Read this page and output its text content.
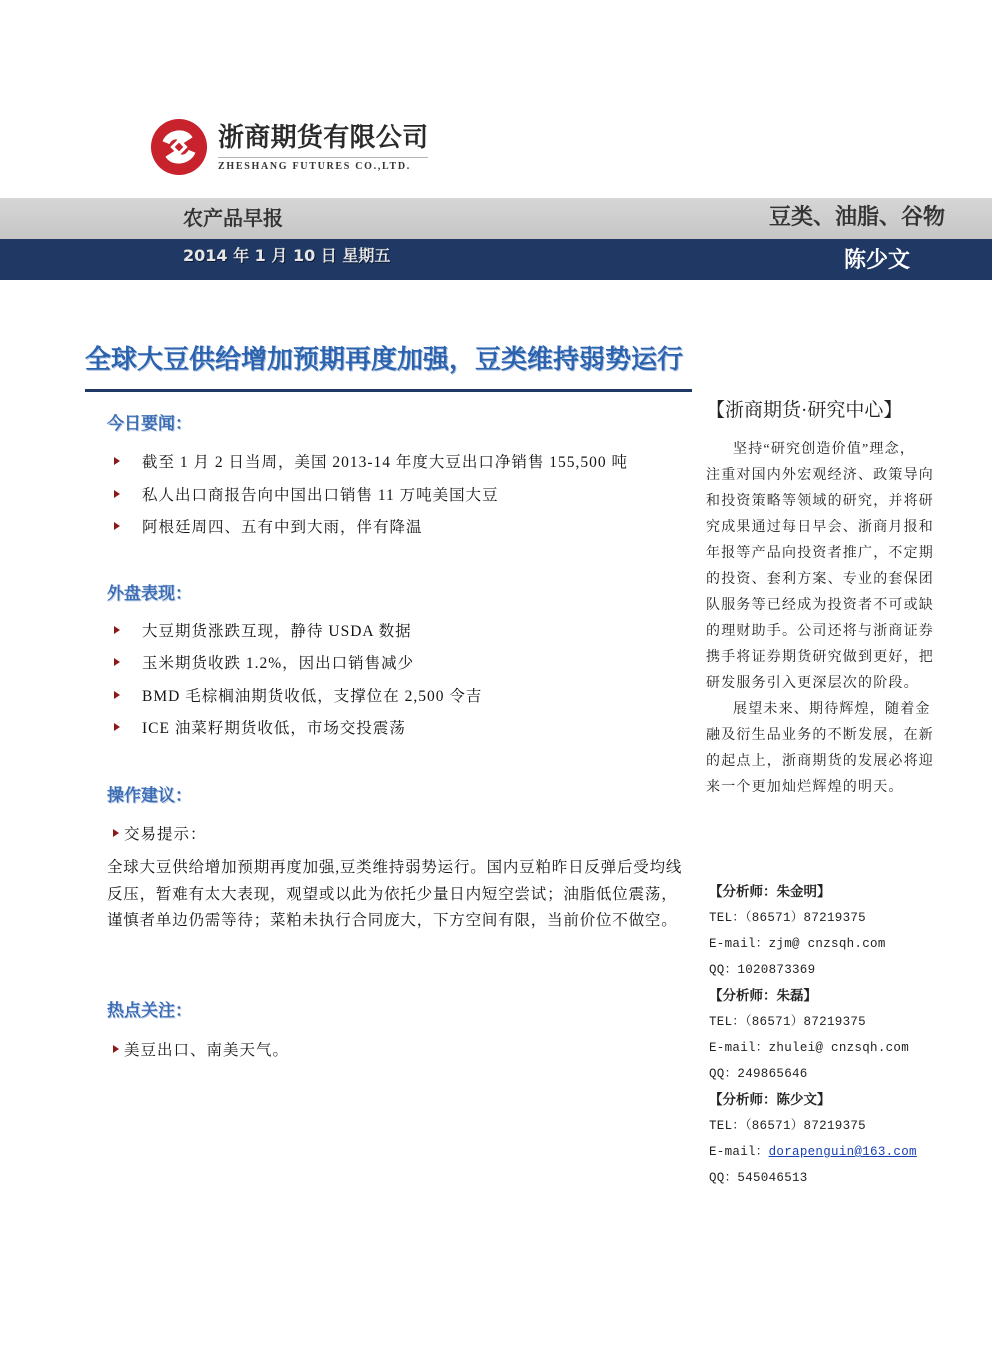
浙商期货有限公司
ZHESHANG FUTURES CO.,LTD.
农产品早报	豆类、油脂、谷物
2014 年 1 月 10 日 星期五	陈少文
全球大豆供给增加预期再度加强，豆类维持弱势运行
今日要闻：
截至 1 月 2 日当周，美国 2013-14 年度大豆出口净销售 155,500 吨
私人出口商报告向中国出口销售 11 万吨美国大豆
阿根廷周四、五有中到大雨，伴有降温
外盘表现：
大豆期货涨跌互现，静待 USDA 数据
玉米期货收跌 1.2%，因出口销售减少
BMD 毛棕榈油期货收低，支撑位在 2,500 令吉
ICE 油菜籽期货收低，市场交投震荡
操作建议：
交易提示：
全球大豆供给增加预期再度加强,豆类维持弱势运行。国内豆粕昨日反弹后受均线
反压，暂难有太大表现，观望或以此为依托少量日内短空尝试；油脂低位震荡，
谨慎者单边仍需等待；菜粕未执行合同庞大，下方空间有限，当前价位不做空。
热点关注：
美豆出口、南美天气。
【浙商期货·研究中心】
坚持“研究创造价值”理念，
注重对国内外宏观经济、政策导向
和投资策略等领域的研究，并将研
究成果通过每日早会、浙商月报和
年报等产品向投资者推广，不定期
的投资、套利方案、专业的套保团
队服务等已经成为投资者不可或缺
的理财助手。公司还将与浙商证券
携手将证券期货研究做到更好，把
研发服务引入更深层次的阶段。
展望未来、期待辉煌，随着金
融及衍生品业务的不断发展，在新
的起点上，浙商期货的发展必将迎
来一个更加灿烂辉煌的明天。
【分析师：朱金明】
TEL：（86571）87219375
E-mail：zjm@ cnzsqh.com
QQ：1020873369
【分析师：朱磊】
TEL：（86571）87219375
E-mail：zhulei@ cnzsqh.com
QQ：249865646
【分析师：陈少文】
TEL：（86571）87219375
E-mail：dorapenguin@163.com
QQ：545046513
